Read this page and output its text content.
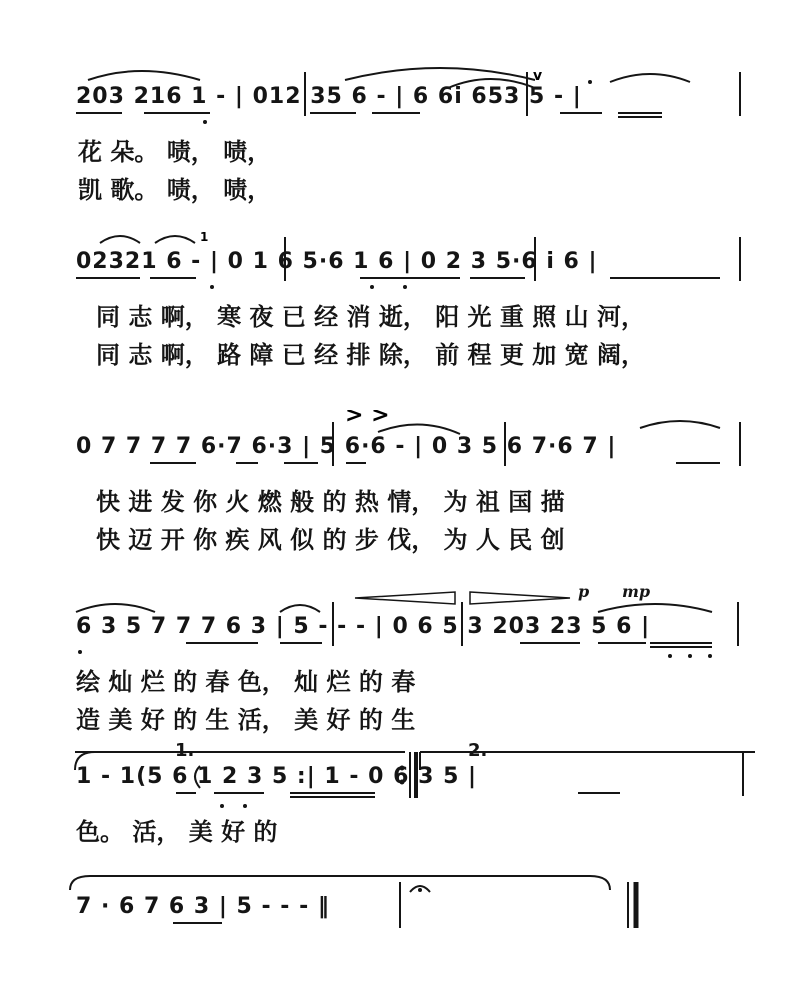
v
203 216 1 - | 012 35 6 - | 6 6i 653 5 - |
花 朵。 啧， 啧，
凯 歌。 啧， 啧，
1
02321 6 - | 0 1 6 5·6 1 6 | 0 2 3 5·6 i 6 |
同 志 啊， 寒 夜 已 经 消 逝， 阳 光 重 照 山 河，
同 志 啊， 路 障 已 经 排 除， 前 程 更 加 宽 阔，
> >
0 7 7 7 7 6·7 6·3 | 5 6·6 - | 0 3 5 6 7·6 7 |
快 进 发 你 火 燃 般 的 热 情， 为 祖 国 描
快 迈 开 你 疾 风 似 的 步 伐， 为 人 民 创
p mp
6 3 5 7 7 7 6 3 | 5 - - - | 0 6 5 3 203 23 5 6 |
绘 灿 烂 的 春 色， 灿 烂 的 春
造 美 好 的 生 活， 美 好 的 生
1.	2.
1 - 1(5 6 1 2 3 5 :| 1 - 0 6 3 5 |
色。 活， 美 好 的
7 · 6 7 6 3 | 5 - - - ‖
